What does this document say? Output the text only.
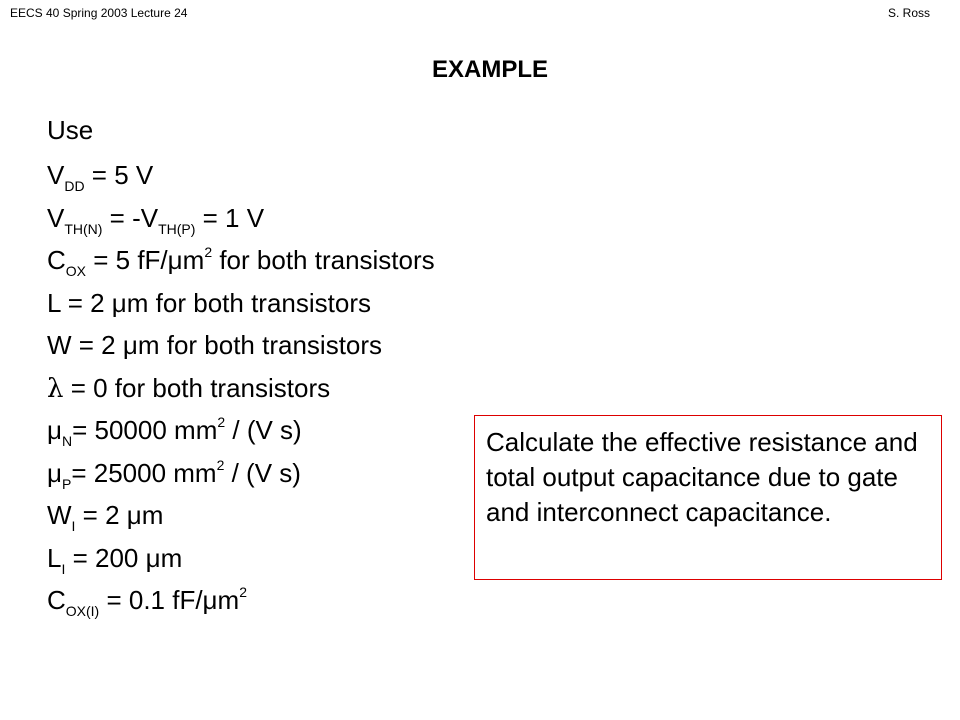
EECS 40 Spring 2003 Lecture 24	S. Ross
EXAMPLE
Use
$V_{DD} = 5$ V
$V_{TH(N)} = -V_{TH(P)} = 1$ V
$C_{OX} = 5$ $fF/\mu m^2$ for both transistors
L = 2 μm for both transistors
W = 2 μm for both transistors
λ = 0 for both transistors
$\mu_N= 50000$ $mm^2 / (V$ s)
$\mu_P= 25000$ $mm^2 / (V$ s)
$W_I = 2$ μm
$L_I = 200$ μm
$C_{OX(I)} = 0.1$ $fF/\mu m^2$
Calculate the effective resistance and total output capacitance due to gate and interconnect capacitance.
